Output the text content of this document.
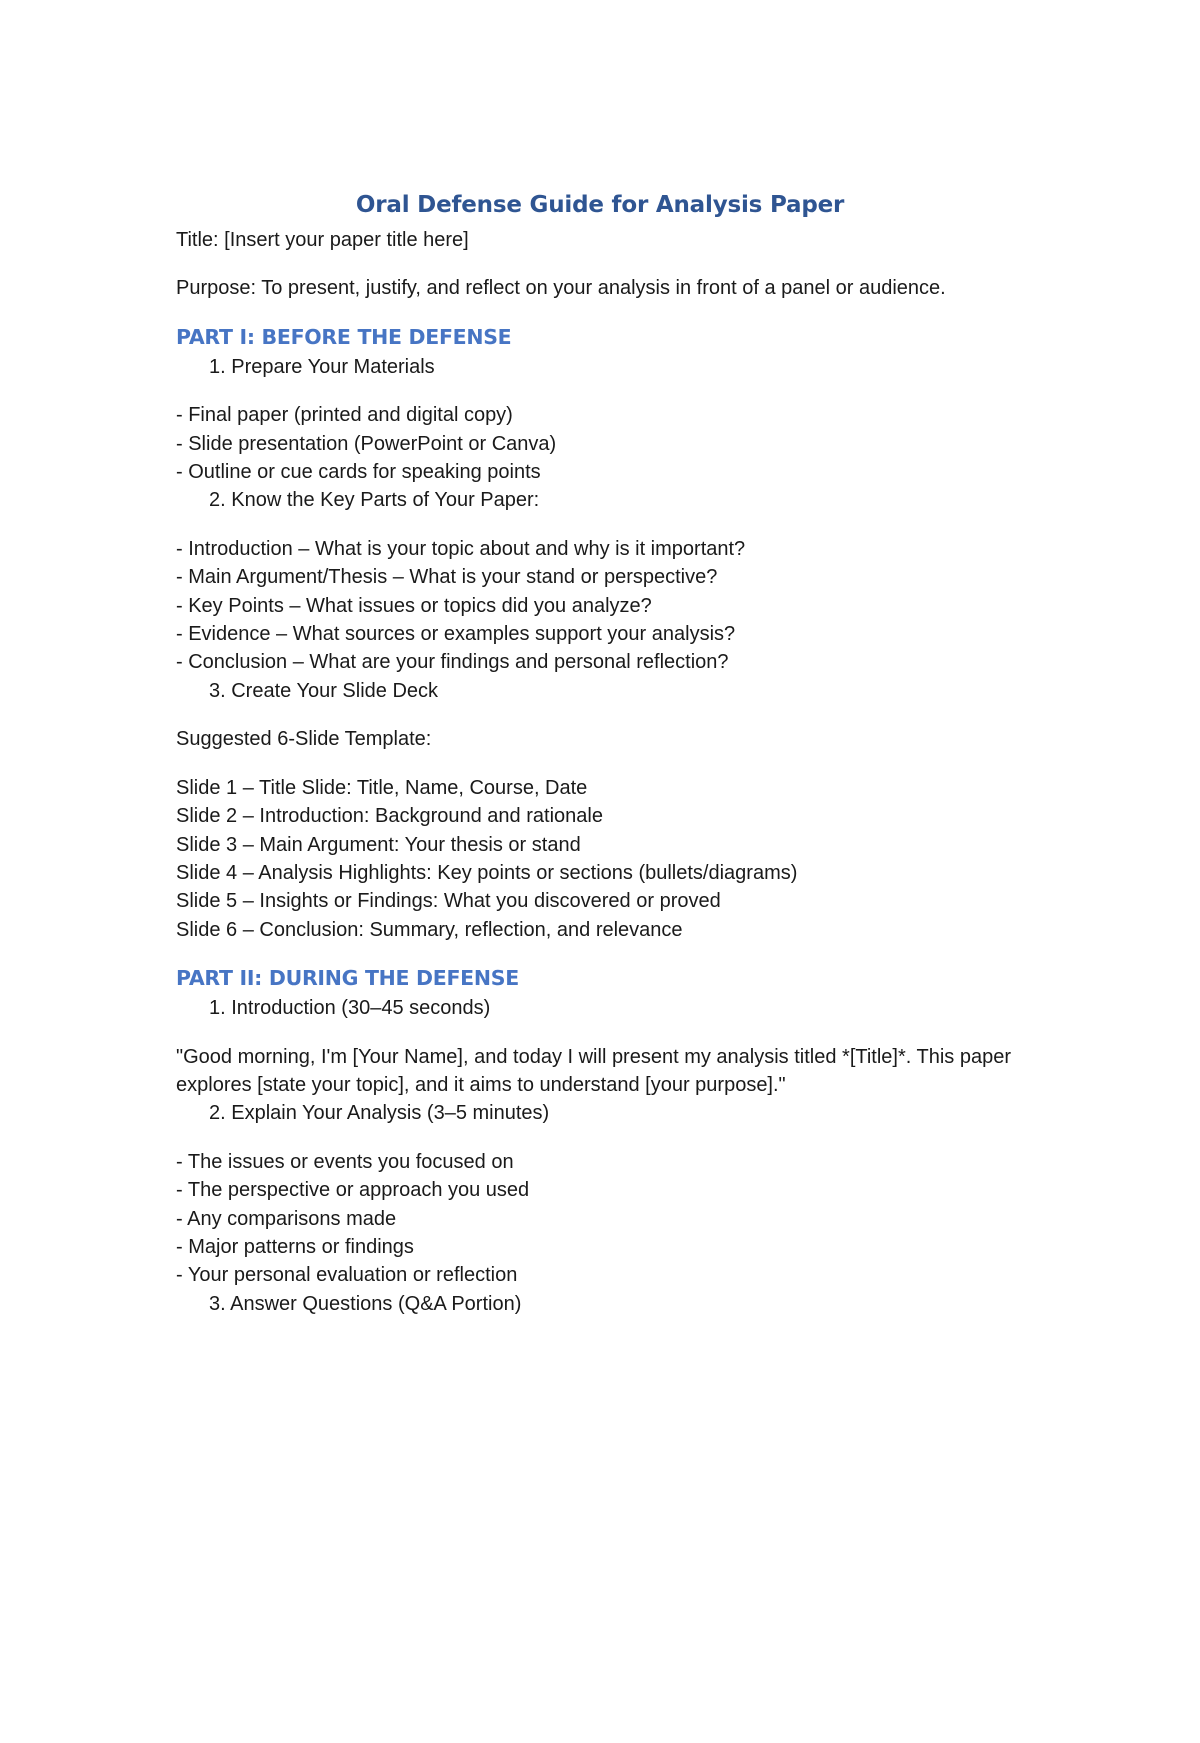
Oral Defense Guide for Analysis Paper

Title: [Insert your paper title here]

Purpose: To present, justify, and reflect on your analysis in front of a panel or audience.

PART I: BEFORE THE DEFENSE

1. Prepare Your Materials

- Final paper (printed and digital copy)

- Slide presentation (PowerPoint or Canva)

- Outline or cue cards for speaking points

2. Know the Key Parts of Your Paper:

- Introduction – What is your topic about and why is it important?

- Main Argument/Thesis – What is your stand or perspective?

- Key Points – What issues or topics did you analyze?

- Evidence – What sources or examples support your analysis?

- Conclusion – What are your findings and personal reflection?

3. Create Your Slide Deck

Suggested 6-Slide Template:

Slide 1 – Title Slide: Title, Name, Course, Date

Slide 2 – Introduction: Background and rationale

Slide 3 – Main Argument: Your thesis or stand

Slide 4 – Analysis Highlights: Key points or sections (bullets/diagrams)

Slide 5 – Insights or Findings: What you discovered or proved

Slide 6 – Conclusion: Summary, reflection, and relevance

PART II: DURING THE DEFENSE

1. Introduction (30–45 seconds)

"Good morning, I'm [Your Name], and today I will present my analysis titled *[Title]*. This paper explores [state your topic], and it aims to understand [your purpose]."

2. Explain Your Analysis (3–5 minutes)

- The issues or events you focused on

- The perspective or approach you used

- Any comparisons made

- Major patterns or findings

- Your personal evaluation or reflection

3. Answer Questions (Q&A Portion)
